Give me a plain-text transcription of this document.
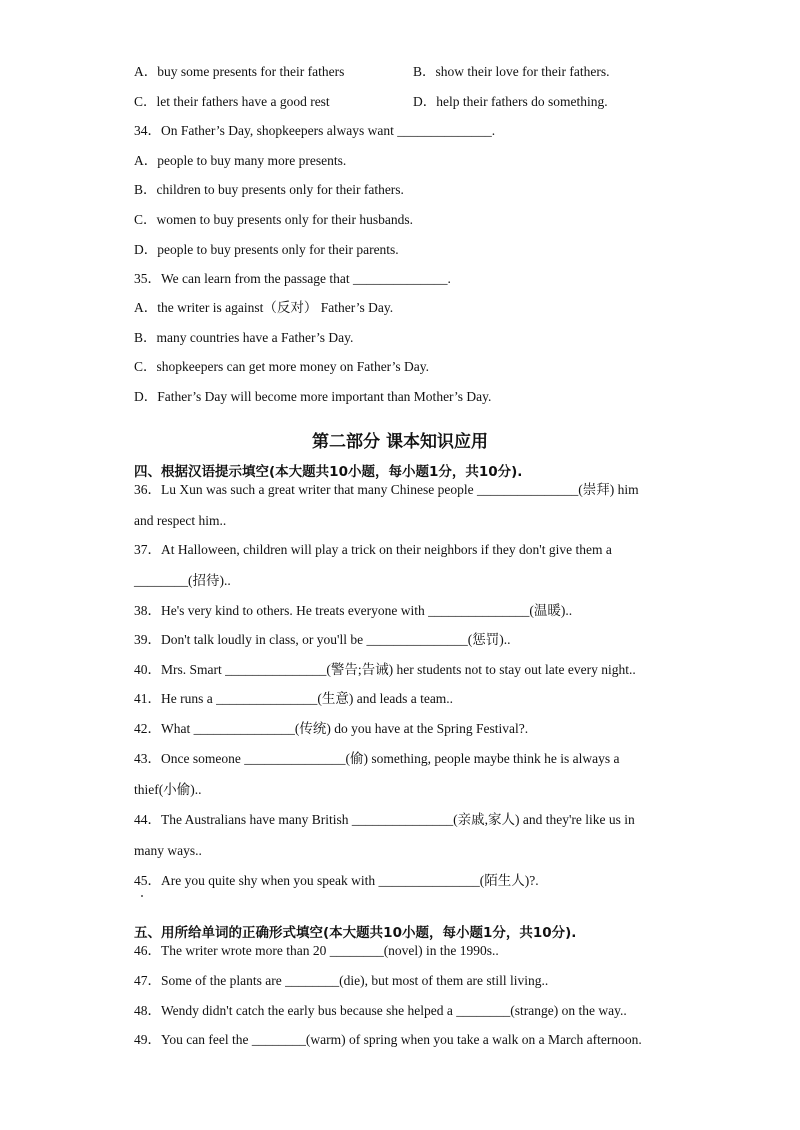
A．buy some presents for their fathers	B．show their love for their fathers.
C．let their fathers have a good rest	D．help their fathers do something.
34．On Father’s Day, shopkeepers always want ______________.
A．people to buy many more presents.
B．children to buy presents only for their fathers.
C．women to buy presents only for their husbands.
D．people to buy presents only for their parents.
35．We can learn from the passage that ______________.
A．the writer is against（反对） Father’s Day.
B．many countries have a Father’s Day.
C．shopkeepers can get more money on Father’s Day.
D．Father’s Day will become more important than Mother’s Day.
第二部分 课本知识应用
四、根据汉语提示填空(本大题共10小题，每小题1分，共10分).
36．Lu Xun was such a great writer that many Chinese people _______________(崇拜) him
and respect him..
37．At Halloween, children will play a trick on their neighbors if they don't give them a
________(招待)..
38．He's very kind to others. He treats everyone with _______________(温暖)..
39．Don't talk loudly in class, or you'll be _______________(惩罚)..
40．Mrs. Smart _______________(警告;告诫) her students not to stay out late every night..
41．He runs a _______________(生意) and leads a team..
42．What _______________(传统) do you have at the Spring Festival?.
43．Once someone _______________(偷) something, people maybe think he is always a
thief(小偷)..
44．The Australians have many British _______________(亲戚,家人) and they're like us in
many ways..
45．Are you quite shy when you speak with _______________(陌生人)?.
五、用所给单词的正确形式填空(本大题共10小题，每小题1分，共10分).
46．The writer wrote more than 20 ________(novel) in the 1990s..
47．Some of the plants are ________(die), but most of them are still living..
48．Wendy didn't catch the early bus because she helped a ________(strange) on the way..
49．You can feel the ________(warm) of spring when you take a walk on a March afternoon.
